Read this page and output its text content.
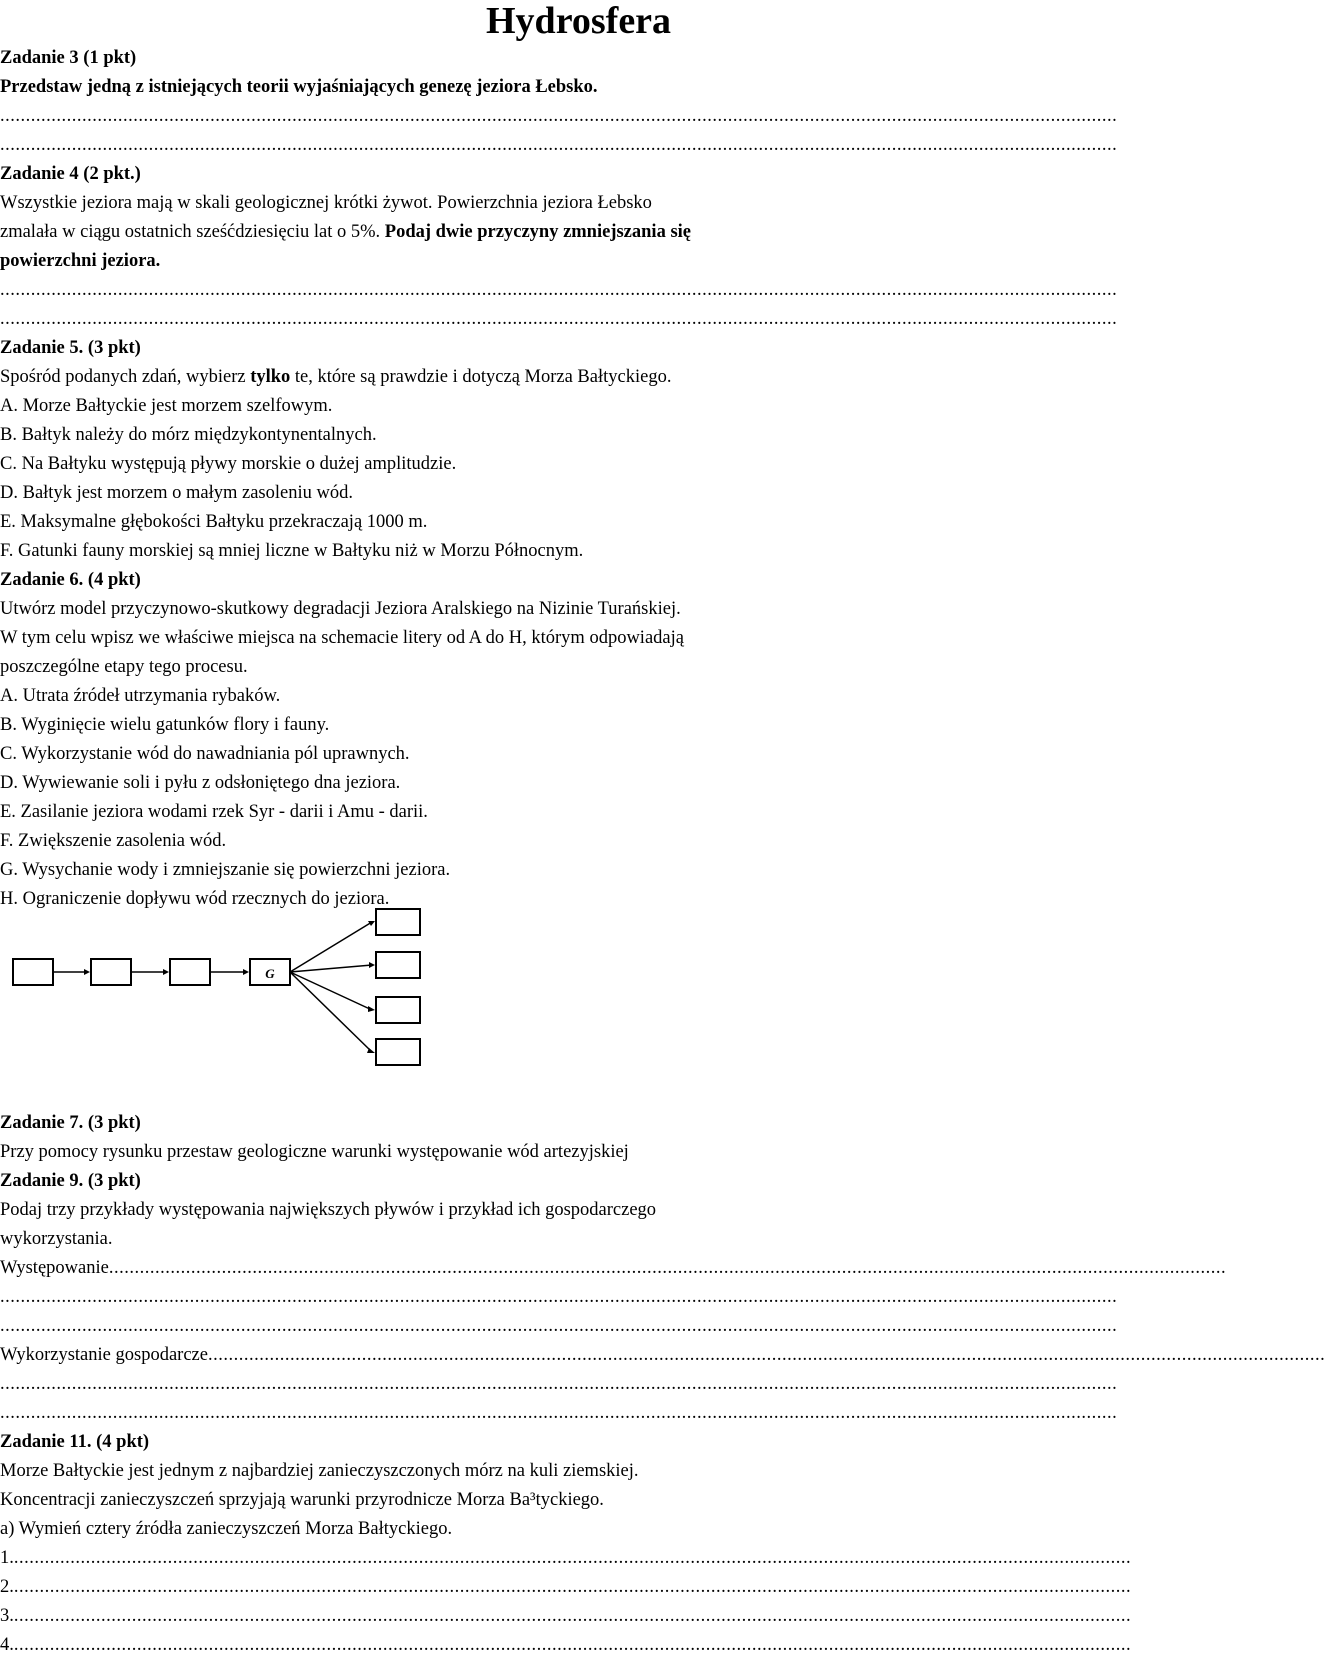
Hydrosfera
Zadanie 3 (1 pkt)
Przedstaw jedną z istniejących teorii wyjaśniających genezę jeziora Łebsko.
..........................................................................................................................................................................................................................
..........................................................................................................................................................................................................................
Zadanie 4 (2 pkt.)
Wszystkie jeziora mają w skali geologicznej krótki żywot. Powierzchnia jeziora Łebsko
zmalała w ciągu ostatnich sześćdziesięciu lat o 5%. Podaj dwie przyczyny zmniejszania się
powierzchni jeziora.
..........................................................................................................................................................................................................................
..........................................................................................................................................................................................................................
Zadanie 5. (3 pkt)
Spośród podanych zdań, wybierz tylko te, które są prawdzie i dotyczą Morza Bałtyckiego.
A. Morze Bałtyckie jest morzem szelfowym.
B. Bałtyk należy do mórz międzykontynentalnych.
C. Na Bałtyku występują pływy morskie o dużej amplitudzie.
D. Bałtyk jest morzem o małym zasoleniu wód.
E. Maksymalne głębokości Bałtyku przekraczają 1000 m.
F. Gatunki fauny morskiej są mniej liczne w Bałtyku niż w Morzu Północnym.
Zadanie 6. (4 pkt)
Utwórz model przyczynowo-skutkowy degradacji Jeziora Aralskiego na Nizinie Turańskiej.
W tym celu wpisz we właściwe miejsca na schemacie litery od A do H, którym odpowiadają
poszczególne etapy tego procesu.
A. Utrata źródeł utrzymania rybaków.
B. Wyginięcie wielu gatunków flory i fauny.
C. Wykorzystanie wód do nawadniania pól uprawnych.
D. Wywiewanie soli i pyłu z odsłoniętego dna jeziora.
E. Zasilanie jeziora wodami rzek Syr - darii i Amu - darii.
F. Zwiększenie zasolenia wód.
G. Wysychanie wody i zmniejszanie się powierzchni jeziora.
H. Ograniczenie dopływu wód rzecznych do jeziora.
G
Zadanie 7. (3 pkt)
Przy pomocy rysunku przestaw geologiczne warunki występowanie wód artezyjskiej
Zadanie 9. (3 pkt)
Podaj trzy przykłady występowania największych pływów i przykład ich gospodarczego
wykorzystania.
Występowanie ..........................................................................................................................................................................................................................
..........................................................................................................................................................................................................................
..........................................................................................................................................................................................................................
Wykorzystanie gospodarcze ..........................................................................................................................................................................................................................
..........................................................................................................................................................................................................................
..........................................................................................................................................................................................................................
Zadanie 11. (4 pkt)
Morze Bałtyckie jest jednym z najbardziej zanieczyszczonych mórz na kuli ziemskiej.
Koncentracji zanieczyszczeń sprzyjają warunki przyrodnicze Morza Ba³tyckiego.
a) Wymień cztery źródła zanieczyszczeń Morza Bałtyckiego.
1. ..........................................................................................................................................................................................................................
2. ..........................................................................................................................................................................................................................
3. ..........................................................................................................................................................................................................................
4. ..........................................................................................................................................................................................................................
